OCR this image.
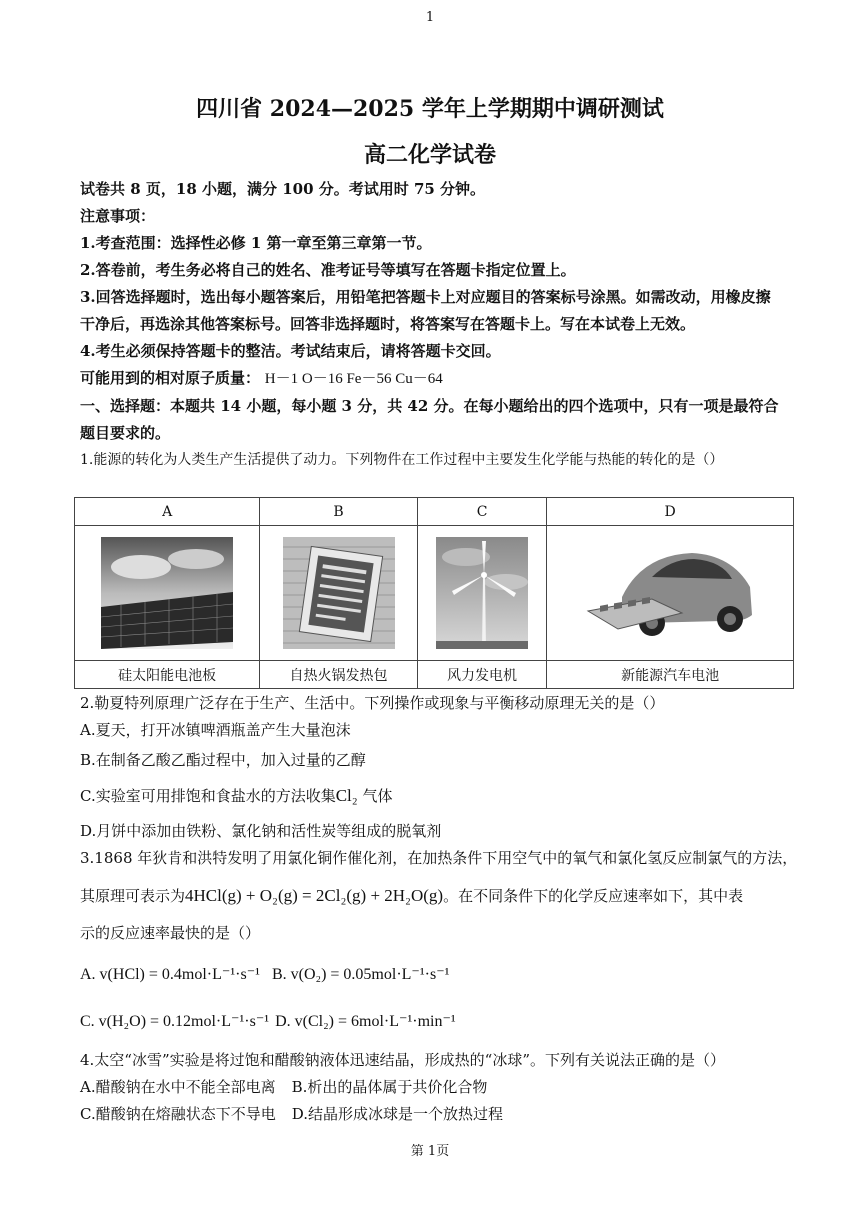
1
四川省 2024—2025 学年上学期期中调研测试
高二化学试卷
试卷共 8 页，18 小题，满分 100 分。考试用时 75 分钟。
注意事项：
1.考查范围：选择性必修 1 第一章至第三章第一节。
2.答卷前，考生务必将自己的姓名、准考证号等填写在答题卡指定位置上。
3.回答选择题时，选出每小题答案后，用铅笔把答题卡上对应题目的答案标号涂黑。如需改动，用橡皮擦干净后，再选涂其他答案标号。回答非选择题时，将答案写在答题卡上。写在本试卷上无效。
4.考生必须保持答题卡的整洁。考试结束后，请将答题卡交回。
可能用到的相对原子质量： H－1 O－16 Fe－56 Cu－64
一、选择题：本题共 14 小题，每小题 3 分，共 42 分。在每小题给出的四个选项中，只有一项是最符合题目要求的。
1.能源的转化为人类生产生活提供了动力。下列物件在工作过程中主要发生化学能与热能的转化的是（）
A	B	C	D

硅太阳能电池板	自热火锅发热包	风力发电机	新能源汽车电池
2.勒夏特列原理广泛存在于生产、生活中。下列操作或现象与平衡移动原理无关的是（）
A.夏天，打开冰镇啤酒瓶盖产生大量泡沫
B.在制备乙酸乙酯过程中，加入过量的乙醇
C.实验室可用排饱和食盐水的方法收集Cl₂ 气体
D.月饼中添加由铁粉、氯化钠和活性炭等组成的脱氧剂
3.1868 年狄肯和洪特发明了用氯化铜作催化剂，在加热条件下用空气中的氧气和氯化氢反应制氯气的方法，
其原理可表示为4HCl(g) + O₂(g) = 2Cl₂(g) + 2H₂O(g)。在不同条件下的化学反应速率如下，其中表
示的反应速率最快的是（）
A. v(HCl) = 0.4mol·L⁻¹·s⁻¹ B. v(O₂) = 0.05mol·L⁻¹·s⁻¹
C. v(H₂O) = 0.12mol·L⁻¹·s⁻¹ D. v(Cl₂) = 6mol·L⁻¹·min⁻¹
4.太空“冰雪”实验是将过饱和醋酸钠液体迅速结晶，形成热的“冰球”。下列有关说法正确的是（）
A.醋酸钠在水中不能全部电离 B.析出的晶体属于共价化合物
C.醋酸钠在熔融状态下不导电 D.结晶形成冰球是一个放热过程
第 1页
